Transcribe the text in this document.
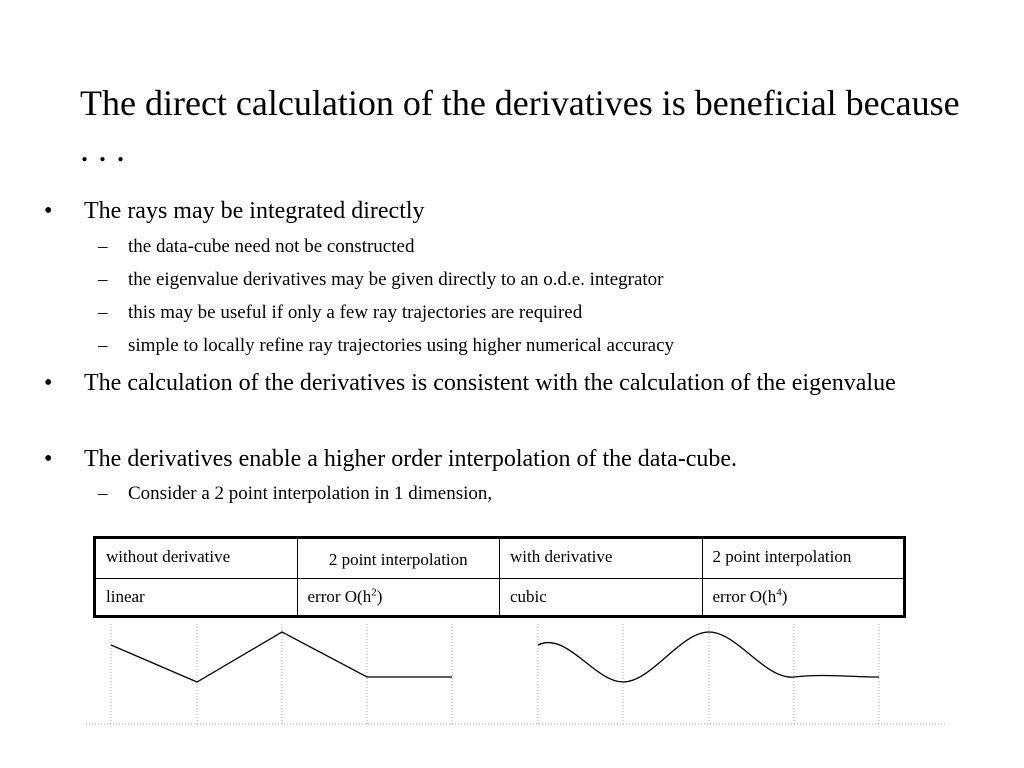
The direct calculation of the derivatives is beneficial because . . .
• The rays may be integrated directly
– the data-cube need not be constructed
– the eigenvalue derivatives may be given directly to an o.d.e. integrator
– this may be useful if only a few ray trajectories are required
– simple to locally refine ray trajectories using higher numerical accuracy
• The calculation of the derivatives is consistent with the calculation of the eigenvalue
• The derivatives enable a higher order interpolation of the data-cube.
– Consider a 2 point interpolation in 1 dimension,
without derivative	2 point interpolation	with derivative	2 point interpolation
linear	error $O(h^2)$	cubic	error $O(h^4)$
